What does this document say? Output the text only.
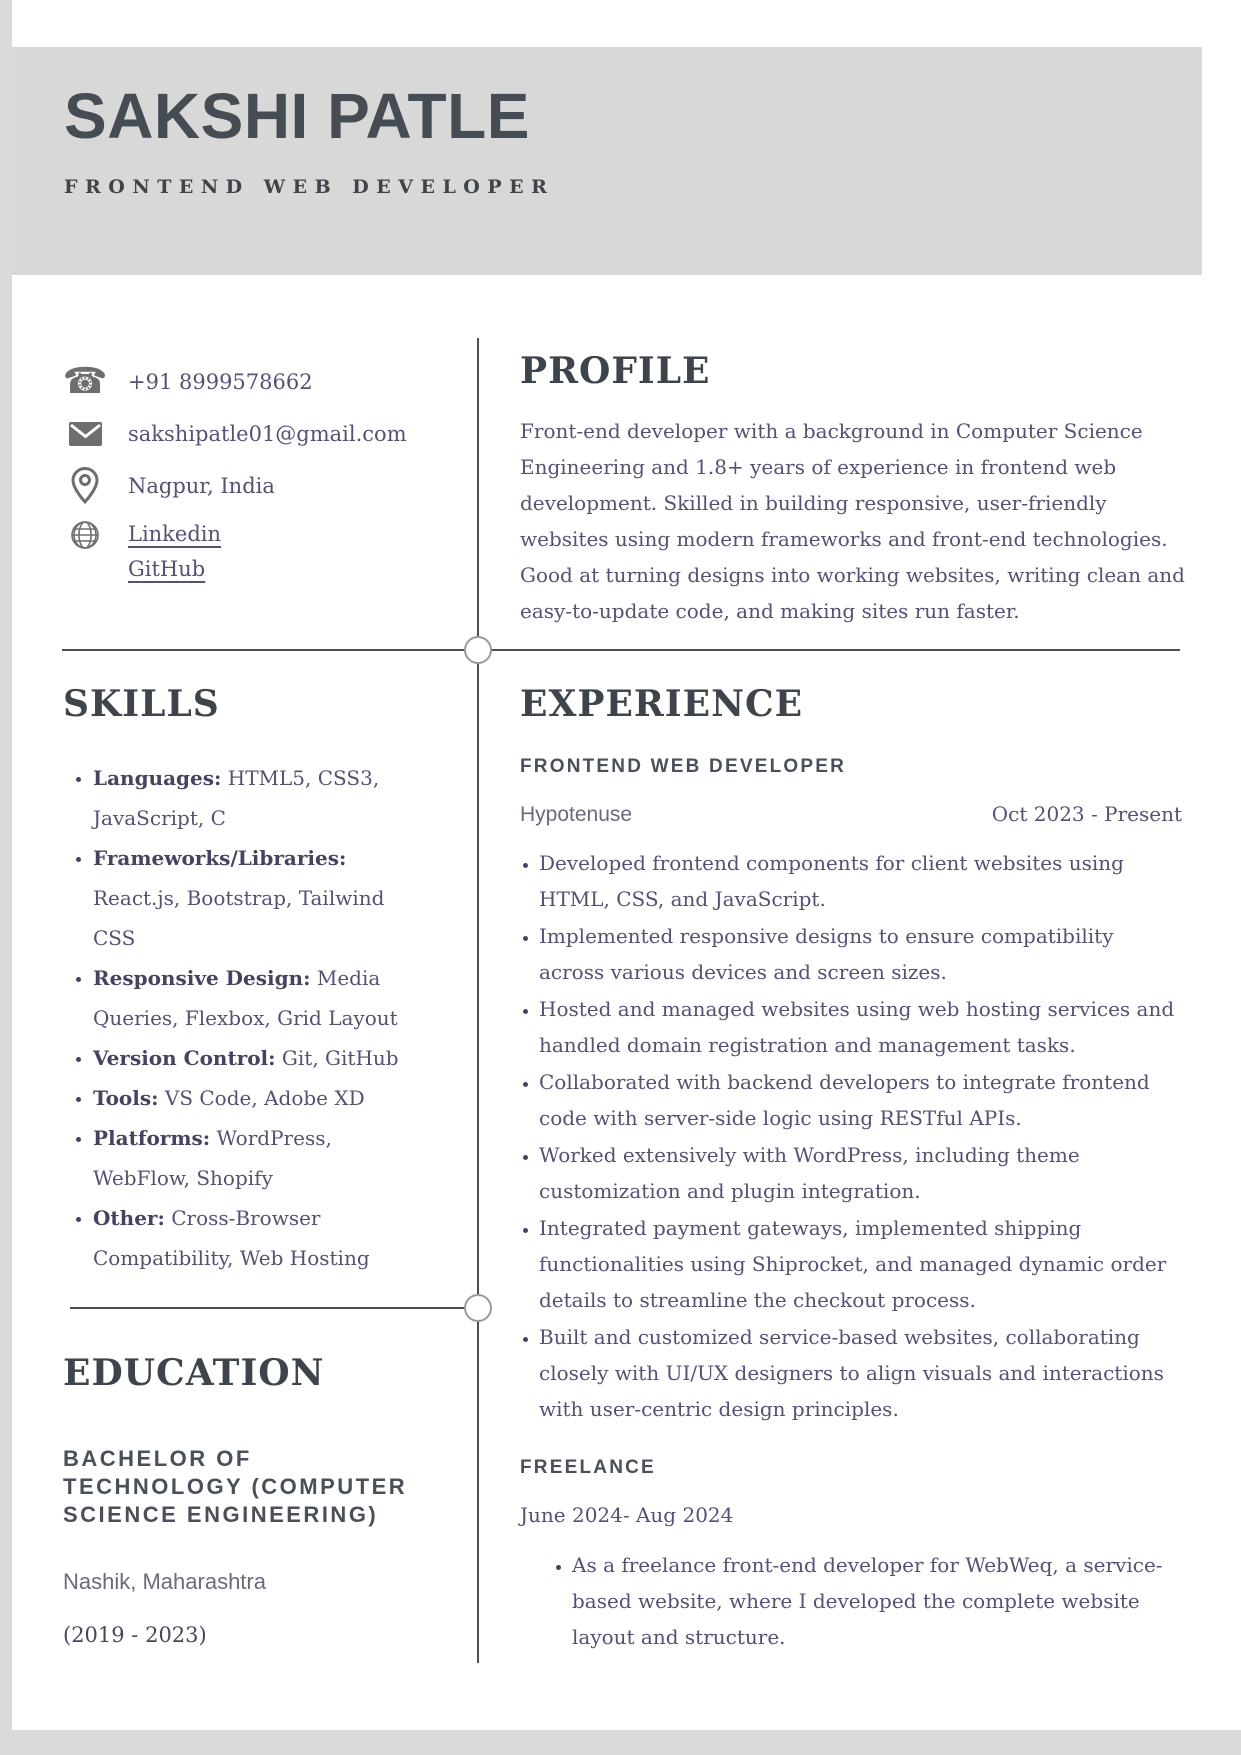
SAKSHI PATLE
FRONTEND WEB DEVELOPER
☎ +91 8999578662
sakshipatle01@gmail.com
Nagpur, India
Linkedin
GitHub
PROFILE

Front-end developer with a background in Computer Science Engineering and 1.8+ years of experience in frontend web development. Skilled in building responsive, user-friendly websites using modern frameworks and front-end technologies. Good at turning designs into working websites, writing clean and easy-to-update code, and making sites run faster.

SKILLS
• Languages: HTML5, CSS3, JavaScript, C
• Frameworks/Libraries: React.js, Bootstrap, Tailwind CSS
• Responsive Design: Media Queries, Flexbox, Grid Layout
• Version Control: Git, GitHub
• Tools: VS Code, Adobe XD
• Platforms: WordPress, WebFlow, Shopify
• Other: Cross-Browser Compatibility, Web Hosting
EXPERIENCE
FRONTEND WEB DEVELOPER
Hypotenuse	Oct 2023 - Present
• Developed frontend components for client websites using HTML, CSS, and JavaScript.
• Implemented responsive designs to ensure compatibility across various devices and screen sizes.
• Hosted and managed websites using web hosting services and handled domain registration and management tasks.
• Collaborated with backend developers to integrate frontend code with server-side logic using RESTful APIs.
• Worked extensively with WordPress, including theme customization and plugin integration.
• Integrated payment gateways, implemented shipping functionalities using Shiprocket, and managed dynamic order details to streamline the checkout process.
• Built and customized service-based websites, collaborating closely with UI/UX designers to align visuals and interactions with user-centric design principles.
FREELANCE
June 2024- Aug 2024
• As a freelance front-end developer for WebWeq, a service-based website, where I developed the complete website layout and structure.
EDUCATION
BACHELOR OF TECHNOLOGY (COMPUTER SCIENCE ENGINEERING)
Nashik, Maharashtra
(2019 - 2023)
